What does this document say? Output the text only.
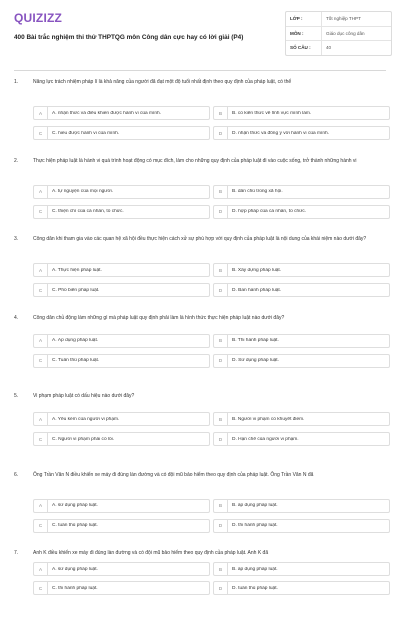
QUIZIZZ
400 Bài trắc nghiệm thi thử THPTQG môn Công dân cực hay có lời giải (P4)
LỚP :	Tốt nghiệp THPT
MÔN :	Giáo dục công dân
SỐ CÂU :	40
1.	Năng lực trách nhiệm pháp lí là khả năng của người đã đạt một độ tuổi nhất định theo quy định của pháp luật, có thể
A	A. nhận thức và điều khiển được hành vi của mình.	B	B. có kiến thức về lĩnh vực mình làm.
C	C. hiểu được hành vi của mình.	D	D. nhận thức và đồng ý với hành vi của mình.
2.	Thực hiện pháp luật là hành vi quá trình hoạt động có mục đích, làm cho những quy định của pháp luật đi vào cuộc sống, trở thành những hành vi
A	A. tự nguyện của mọi người.	B	B. dân chủ trong xã hội.
C	C. thiện chí của cá nhân, tổ chức.	D	D. hợp pháp của cá nhân, tổ chức.
3.	Công dân khi tham gia vào các quan hệ xã hội đều thực hiện cách xử sự phù hợp với quy định của pháp luật là nội dung của khái niệm nào dưới đây?
A	A. Thực hiện pháp luật.	B	B. Xây dựng pháp luật.
C	C. Phổ biến pháp luật.	D	D. Ban hành pháp luật.
4.	Công dân chủ động làm những gì mà pháp luật quy định phải làm là hình thức thực hiện pháp luật nào dưới đây?
A	A. Áp dụng pháp luật.	B	B. Thi hành pháp luật.
C	C. Tuân thủ pháp luật.	D	D. Sử dụng pháp luật.
5.	Vi phạm pháp luật có dấu hiệu nào dưới đây?
A	A. Yếu kém của người vi phạm.	B	B. Người vi phạm có khuyết điểm.
C	C. Người vi phạm phải có lỗi.	D	D. Hạn chế của người vi phạm.
6.	Ông Trần Văn N điều khiển xe máy đi đúng làn đường và có đội mũ bảo hiểm theo quy định của pháp luật. Ông Trần Văn N đã
A	A. sử dụng pháp luật.	B	B. áp dụng pháp luật.
C	C. tuân thủ pháp luật.	D	D. thi hành pháp luật.
7.	Anh K điều khiển xe máy đi đúng làn đường và có đội mũ bảo hiểm theo quy định của pháp luật. Anh K đã
A	A. sử dụng pháp luật.	B	B. áp dụng pháp luật.
C	C. thi hành pháp luật.	D	D. tuân thủ pháp luật.
